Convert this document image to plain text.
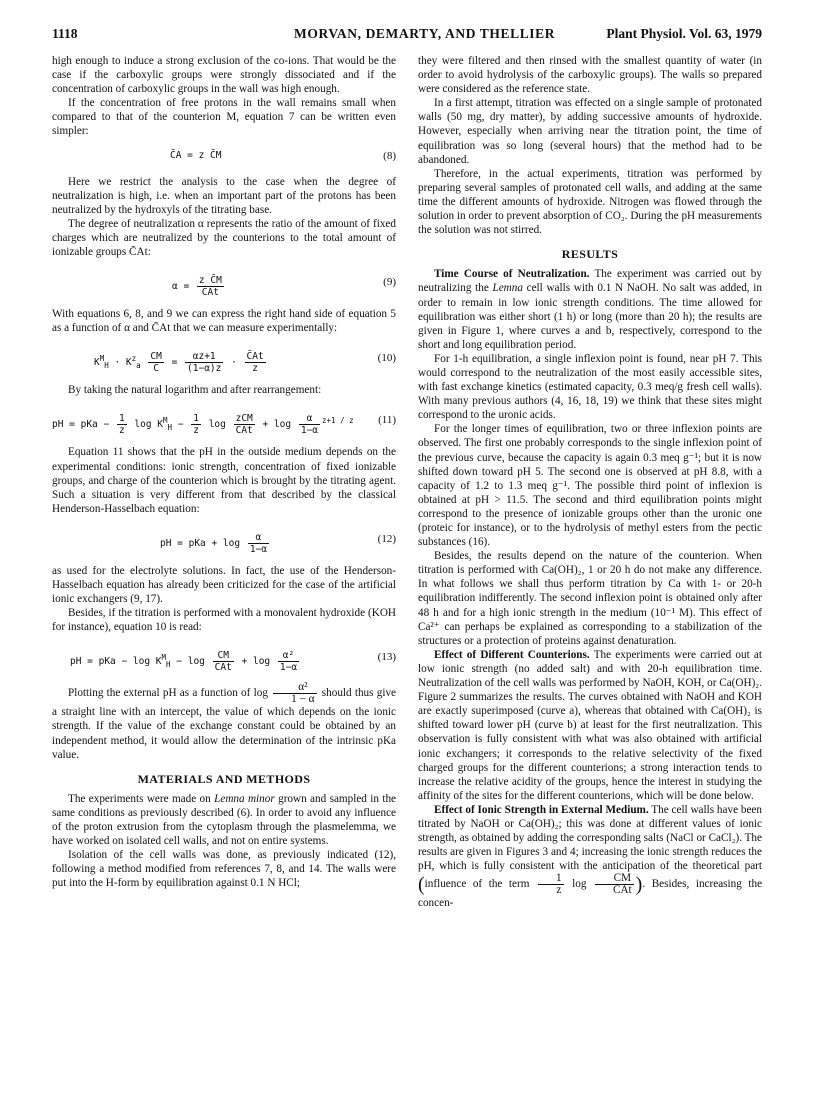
1118	MORVAN, DEMARTY, AND THELLIER	Plant Physiol. Vol. 63, 1979

high enough to induce a strong exclusion of the co-ions. That would be the case if the carboxylic groups were strongly dissociated and if the concentration of carboxylic groups in the wall was high enough.

If the concentration of free protons in the wall remains small when compared to that of the counterion M, equation 7 can be written even simpler:

C̄A = z C̄M	(8)

Here we restrict the analysis to the case when the degree of neutralization is high, i.e. when an important part of the protons has been neutralized by the hydroxyls of the titrating base.

The degree of neutralization α represents the ratio of the amount of fixed charges which are neutralized by the counterions to the total amount of ionizable groups C̄At:

$\alpha = \frac{\text{z C̄M}}{C̄At}$	(9)

With equations 6, 8, and 9 we can express the right hand side of equation 5 as a function of α and C̄At that we can measure experimentally:

$K^M_H \cdot K^z_a \frac{CM}{C} = \frac{\alpha z+1}{(1-\alpha)z} \cdot \frac{C̄At}{z}$	(10)

By taking the natural logarithm and after rearrangement:

pH = pKa − $\frac{1}{z}$ $\log K^M_H - \frac{1}{z}$ $\log \frac{\text{zCM}}{C̄At} + \log \frac{\alpha}{1-\alpha} ^{z+1 / z}$ (11)

Equation 11 shows that the pH in the outside medium depends on the experimental conditions: ionic strength, concentration of fixed ionizable groups, and charge of the counterion which is brought by the titrating agent. Such a situation is very different from that described by the classical Henderson-Hasselbach equation:

pH = pKa + $\log \frac{\alpha}{1-\alpha}$	(12)

as used for the electrolyte solutions. In fact, the use of the Henderson-Hasselbach equation has already been criticized for the case of the artificial ionic exchangers (9, 17).

Besides, if the titration is performed with a monovalent hydroxide (KOH for instance), equation 10 is read:

pH = pKa − $\log K^M_H - \log \frac{CM}{C̄At} + \log \frac{\text{α²}}{1-\alpha}$	(13)

Plotting the external pH as a function of $\log \frac{\text{α²}}{1 - \alpha}$ should thus give a straight line with an intercept, the value of which depends on the ionic strength. If the value of the exchange constant could be obtained by an independent method, it would allow the determination of the intrinsic pKa value.

MATERIALS AND METHODS

The experiments were made on Lemna minor grown and sampled in the same conditions as previously described (6). In order to avoid any influence of the proton extrusion from the cytoplasm through the plasmelemma, we have worked on isolated cell walls, and not on entire systems.

Isolation of the cell walls was done, as previously indicated (12), following a method modified from references 7, 8, and 14. The walls were put into the H-form by equilibration against 0.1 N HCl;

they were filtered and then rinsed with the smallest quantity of water (in order to avoid hydrolysis of the carboxylic groups). The walls so prepared were considered as the reference state.

In a first attempt, titration was effected on a single sample of protonated walls (50 mg, dry matter), by adding successive amounts of hydroxide. However, especially when arriving near the titration point, the time of equilibration was so long (several hours) that the method had to be abandoned.

Therefore, in the actual experiments, titration was performed by preparing several samples of protonated cell walls, and adding at the same time the different amounts of hydroxide. Nitrogen was flowed through the solution in order to prevent absorption of CO₂. During the pH measurements the solution was not stirred.

RESULTS

Time Course of Neutralization. The experiment was carried out by neutralizing the Lemna cell walls with 0.1 N NaOH. No salt was added, in order to remain in low ionic strength conditions. The time allowed for equilibration was either short (1 h) or long (more than 20 h); the results are given in Figure 1, where curves a and b, respectively, correspond to the short and long equilibration period.

For 1-h equilibration, a single inflexion point is found, near pH 7. This would correspond to the neutralization of the most easily accessible sites, with fast exchange kinetics (estimated capacity, 0.3 meq/g fresh cell walls). With many previous authors (4, 16, 18, 19) we think that these sites might correspond to the uronic acids.

For the longer times of equilibration, two or three inflexion points are observed. The first one probably corresponds to the single inflexion point of the previous curve, because the capacity is again 0.3 meq g⁻¹; but it is now shifted down toward pH 5. The second one is observed at pH 8.8, with a capacity of 1.2 to 1.3 meq g⁻¹. The possible third point of inflexion is obtained at pH > 11.5. The second and third equilibration points might correspond to the presence of ionizable groups other than the uronic one (proteic for instance), or to the hydrolysis of methyl esters from the pectic substances (16).

Besides, the results depend on the nature of the counterion. When titration is performed with Ca(OH)₂, 1 or 20 h do not make any difference. In what follows we shall thus perform titration by Ca with 1- or 20-h equilibration indifferently. The second inflexion point is obtained only after 48 h and for a high ionic strength in the medium (10⁻¹ M). This effect of Ca²⁺ can perhaps be explained as corresponding to a stabilization of the structures or a protection of proteins against denaturation.

Effect of Different Counterions. The experiments were carried out at low ionic strength (no added salt) and with 20-h equilibration time. Neutralization of the cell walls was performed by NaOH, KOH, or Ca(OH)₂. Figure 2 summarizes the results. The curves obtained with NaOH and KOH are exactly superimposed (curve a), whereas that obtained with Ca(OH)₂ is shifted toward lower pH (curve b) at least for the first neutralization. This observation is fully consistent with what was also obtained with artificial ionic exchangers; it corresponds to the relative selectivity of the fixed charged groups for the different counterions; a strong interaction tends to increase the relative acidity of the groups, hence the interest in studying the affinity of the sites for the different counterions, which will be done below.

Effect of Ionic Strength in External Medium. The cell walls have been titrated by NaOH or Ca(OH)₂; this was done at different values of ionic strength, as obtained by adding the corresponding salts (NaCl or CaCl₂). The results are given in Figures 3 and 4; increasing the ionic strength reduces the pH, which is fully consistent with the anticipation of the theoretical part (influence of the term $\frac{1}{z}$ $\log \frac{CM}{C̄At}$ ). Besides, increasing the concen-
